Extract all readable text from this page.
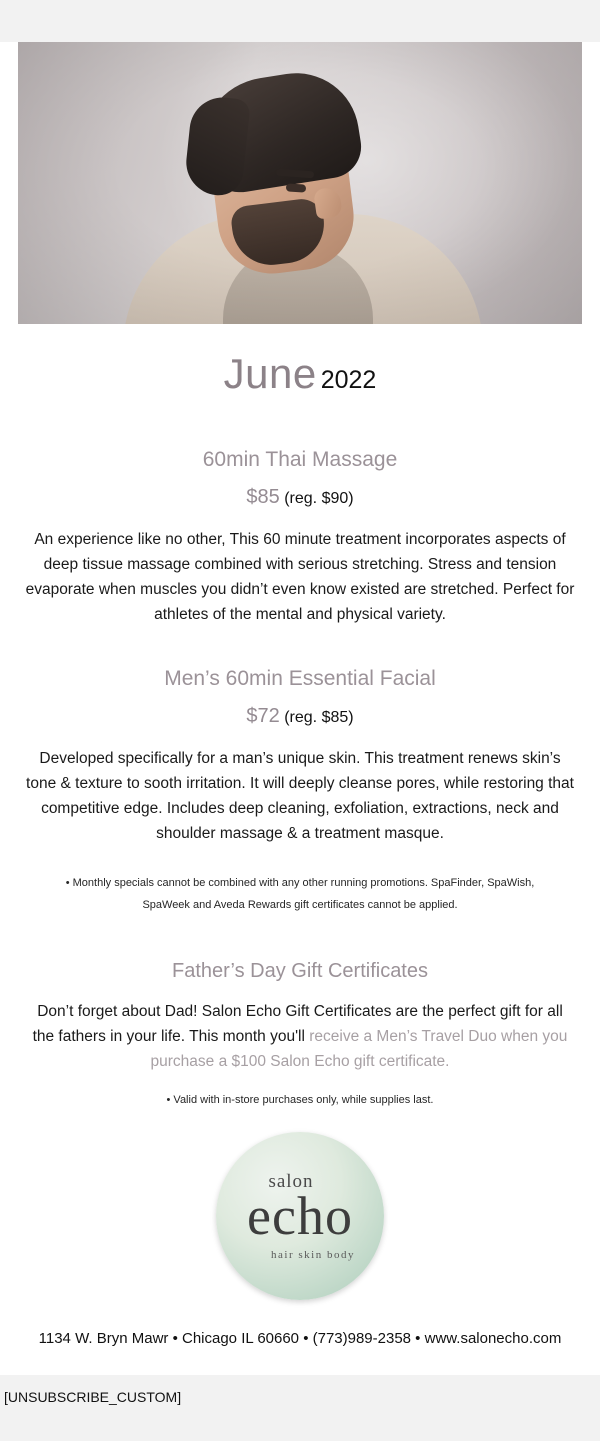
June 2022
60min Thai Massage
$85 (reg. $90)
An experience like no other, This 60 minute treatment incorporates aspects of deep tissue massage combined with serious stretching. Stress and tension evaporate when muscles you didn’t even know existed are stretched. Perfect for athletes of the mental and physical variety.
Men’s 60min Essential Facial
$72 (reg. $85)
Developed specifically for a man’s unique skin. This treatment renews skin’s tone & texture to sooth irritation. It will deeply cleanse pores, while restoring that competitive edge. Includes deep cleaning, exfoliation, extractions, neck and shoulder massage & a treatment masque.
• Monthly specials cannot be combined with any other running promotions. SpaFinder, SpaWish, SpaWeek and Aveda Rewards gift certificates cannot be applied.
Father’s Day Gift Certificates
Don’t forget about Dad! Salon Echo Gift Certificates are the perfect gift for all the fathers in your life. This month you'll receive a Men’s Travel Duo when you purchase a $100 Salon Echo gift certificate.
• Valid with in-store purchases only, while supplies last.
salon
echo
hair skin body
1134 W. Bryn Mawr • Chicago IL 60660 • (773)989-2358 • www.salonecho.com
[UNSUBSCRIBE_CUSTOM]
